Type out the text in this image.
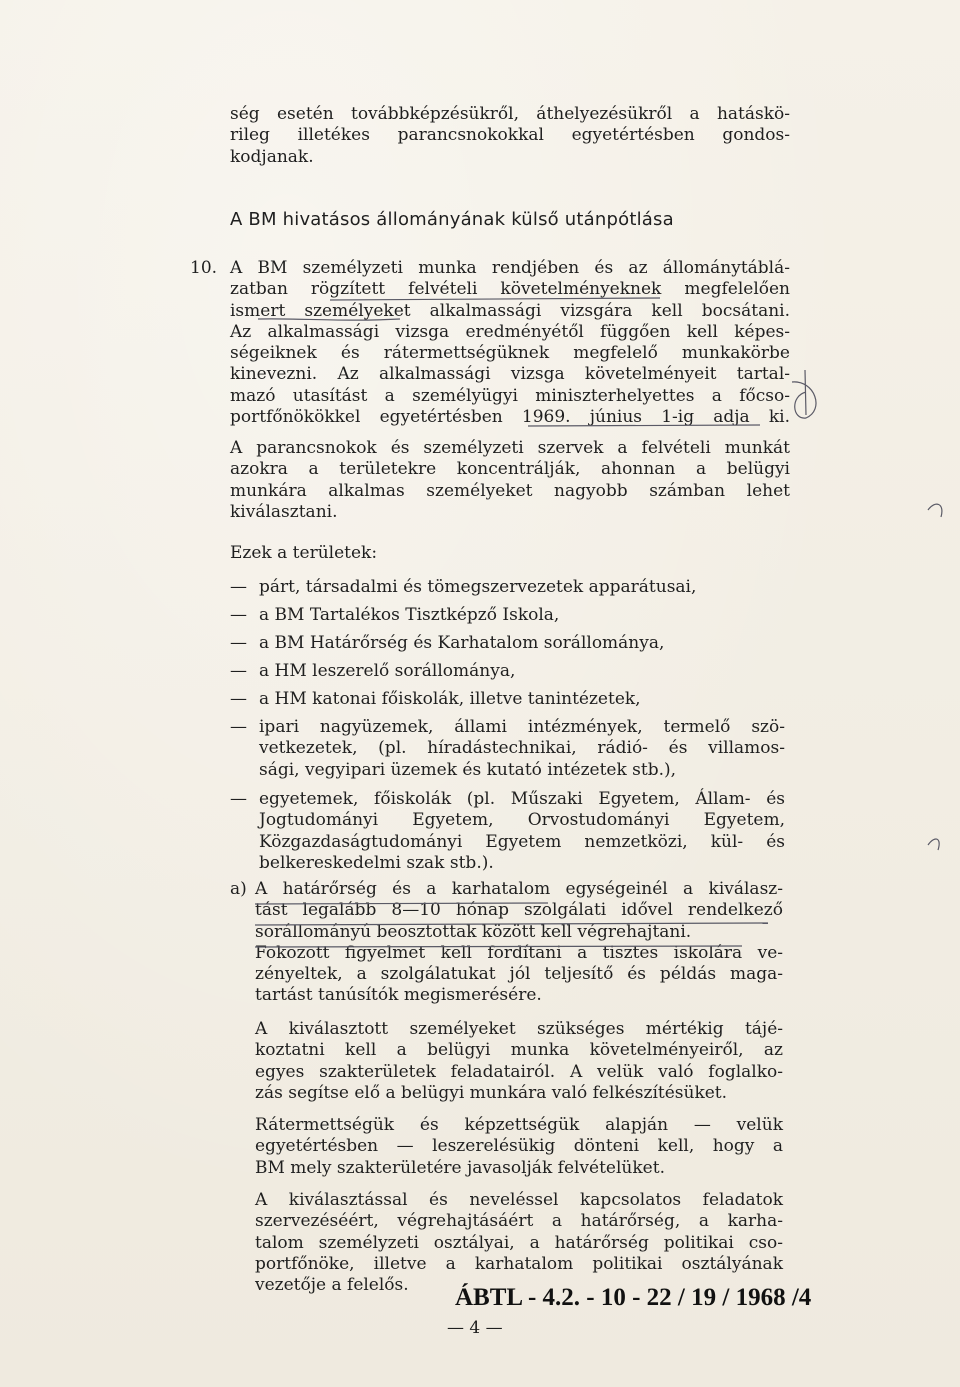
ség esetén továbbképzésükről, áthelyezésükről a hatáskö-
rileg illetékes parancsnokokkal egyetértésben gondos-
kodjanak.
A BM hivatásos állományának külső utánpótlása
10. A BM személyzeti munka rendjében és az állománytáblá-
zatban rögzített felvételi követelményeknek megfelelően
ismert személyeket alkalmassági vizsgára kell bocsátani.
Az alkalmassági vizsga eredményétől függően kell képes-
ségeiknek és rátermettségüknek megfelelő munkakörbe
kinevezni. Az alkalmassági vizsga követelményeit tartal-
mazó utasítást a személyügyi miniszterhelyettes a főcso-
portfőnökökkel egyetértésben 1969. június 1-ig adja ki.
A parancsnokok és személyzeti szervek a felvételi munkát
azokra a területekre koncentrálják, ahonnan a belügyi
munkára alkalmas személyeket nagyobb számban lehet
kiválasztani.
Ezek a területek:
— párt, társadalmi és tömegszervezetek apparátusai,
— a BM Tartalékos Tisztképző Iskola,
— a BM Határőrség és Karhatalom sorállománya,
— a HM leszerelő sorállománya,
— a HM katonai főiskolák, illetve tanintézetek,
— ipari nagyüzemek, állami intézmények, termelő szö-
vetkezetek, (pl. híradástechnikai, rádió- és villamos-
sági, vegyipari üzemek és kutató intézetek stb.),
— egyetemek, főiskolák (pl. Műszaki Egyetem, Állam- és
Jogtudományi Egyetem, Orvostudományi Egyetem,
Közgazdaságtudományi Egyetem nemzetközi, kül- és
belkereskedelmi szak stb.).
a) A határőrség és a karhatalom egységeinél a kiválasz-
tást legalább 8—10 hónap szolgálati idővel rendelkező
sorállományú beosztottak között kell végrehajtani.
Fokozott figyelmet kell fordítani a tisztes iskolára ve-
zényeltek, a szolgálatukat jól teljesítő és példás maga-
tartást tanúsítók megismerésére.
A kiválasztott személyeket szükséges mértékig tájé-
koztatni kell a belügyi munka követelményeiről, az
egyes szakterületek feladatairól. A velük való foglalko-
zás segítse elő a belügyi munkára való felkészítésüket.
Rátermettségük és képzettségük alapján — velük
egyetértésben — leszerelésükig dönteni kell, hogy a
BM mely szakterületére javasolják felvételüket.
A kiválasztással és neveléssel kapcsolatos feladatok
szervezéséért, végrehajtásáért a határőrség, a karha-
talom személyzeti osztályai, a határőrség politikai cso-
portfőnöke, illetve a karhatalom politikai osztályának
vezetője a felelős.	ÁBTL - 4.2. - 10 - 22 / 19 / 1968 /4
— 4 —
